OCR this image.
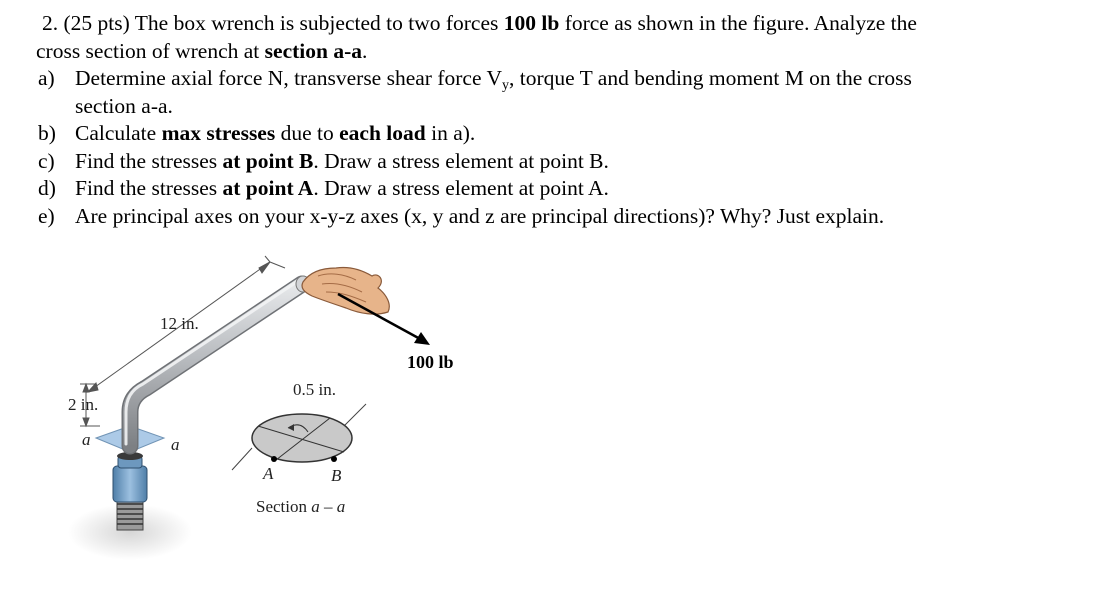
2. (25 pts) The box wrench is subjected to two forces 100 lb force as shown in the figure. Analyze the
cross section of wrench at section a-a.
a) Determine axial force N, transverse shear force $V_y$, torque T and bending moment M on the cross
section a-a.
b) Calculate max stresses due to each load in a).
c) Find the stresses at point B. Draw a stress element at point B.
d) Find the stresses at point A. Draw a stress element at point A.
e) Are principal axes on your x-y-z axes (x, y and z are principal directions)? Why? Just explain.
12 in.
2 in.
0.5 in.
100 lb
a	a
A	B
Section a – a
